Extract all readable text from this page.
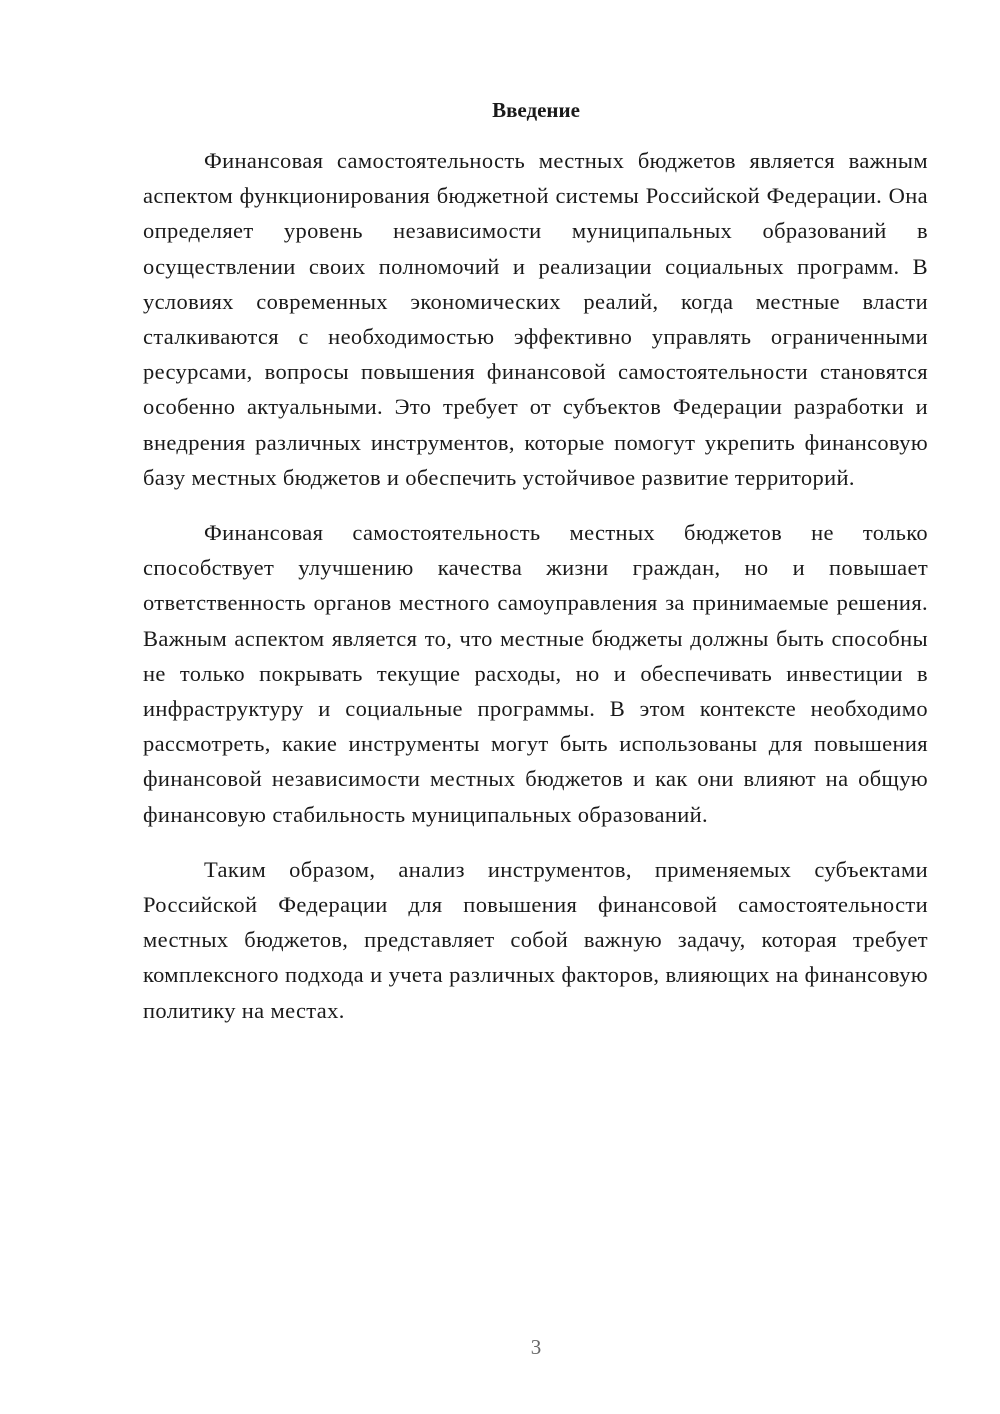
Введение

Финансовая самостоятельность местных бюджетов является важным аспектом функционирования бюджетной системы Российской Федерации. Она определяет уровень независимости муниципальных образований в осуществлении своих полномочий и реализации социальных программ. В условиях современных экономических реалий, когда местные власти сталкиваются с необходимостью эффективно управлять ограниченными ресурсами, вопросы повышения финансовой самостоятельности становятся особенно актуальными. Это требует от субъектов Федерации разработки и внедрения различных инструментов, которые помогут укрепить финансовую базу местных бюджетов и обеспечить устойчивое развитие территорий.

Финансовая самостоятельность местных бюджетов не только способствует улучшению качества жизни граждан, но и повышает ответственность органов местного самоуправления за принимаемые решения. Важным аспектом является то, что местные бюджеты должны быть способны не только покрывать текущие расходы, но и обеспечивать инвестиции в инфраструктуру и социальные программы. В этом контексте необходимо рассмотреть, какие инструменты могут быть использованы для повышения финансовой независимости местных бюджетов и как они влияют на общую финансовую стабильность муниципальных образований.

Таким образом, анализ инструментов, применяемых субъектами Российской Федерации для повышения финансовой самостоятельности местных бюджетов, представляет собой важную задачу, которая требует комплексного подхода и учета различных факторов, влияющих на финансовую политику на местах.

3
